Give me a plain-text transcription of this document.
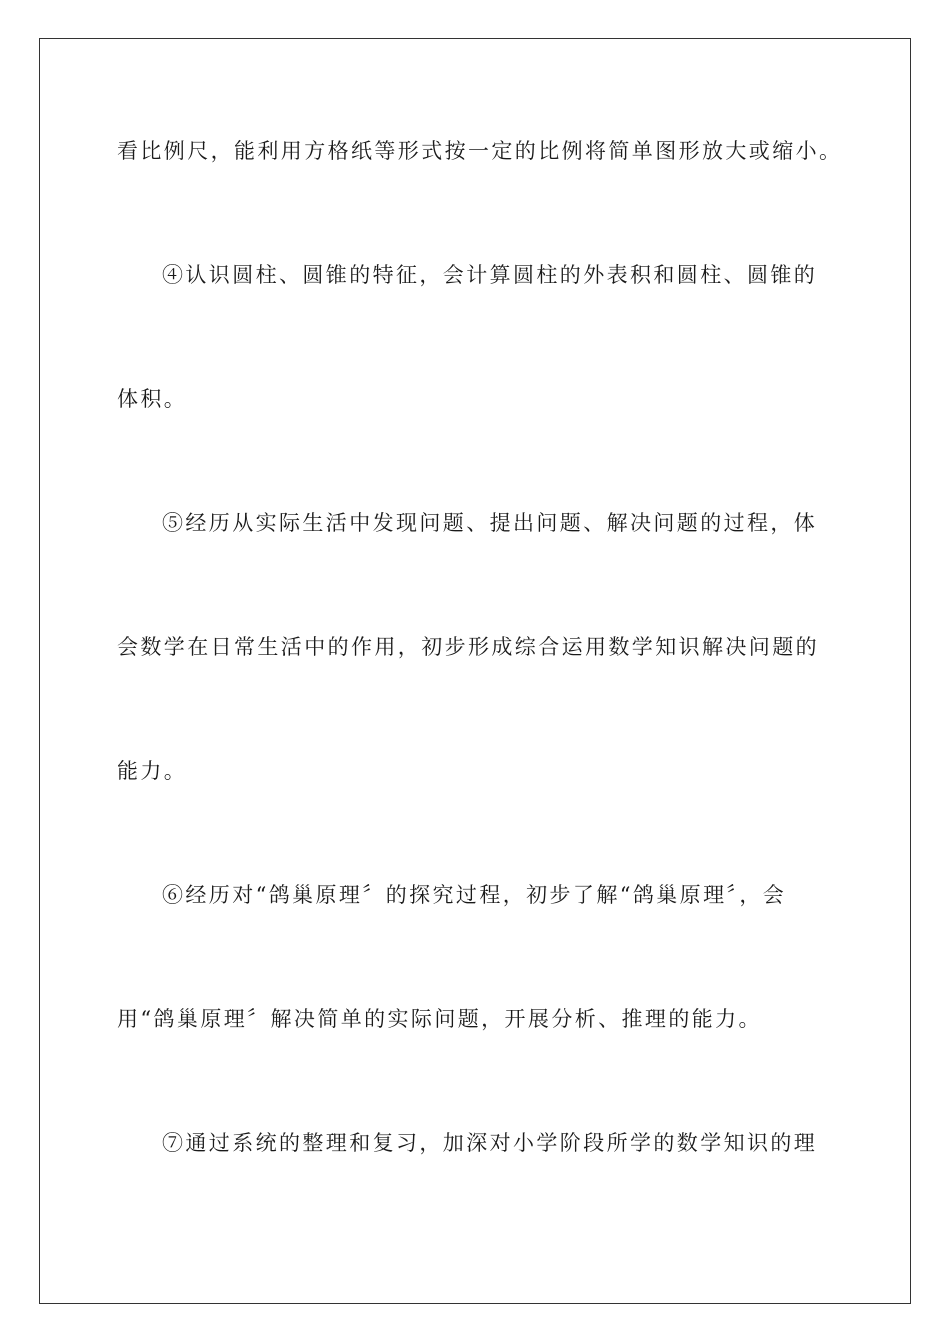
看比例尺，能利用方格纸等形式按一定的比例将简单图形放大或缩小。
④认识圆柱、圆锥的特征，会计算圆柱的外表积和圆柱、圆锥的
体积。
⑤经历从实际生活中发现问题、提出问题、解决问题的过程，体
会数学在日常生活中的作用，初步形成综合运用数学知识解决问题的
能力。
⑥经历对“鸽巢原理〞的探究过程，初步了解“鸽巢原理〞，会
用“鸽巢原理〞解决简单的实际问题，开展分析、推理的能力。
⑦通过系统的整理和复习，加深对小学阶段所学的数学知识的理
